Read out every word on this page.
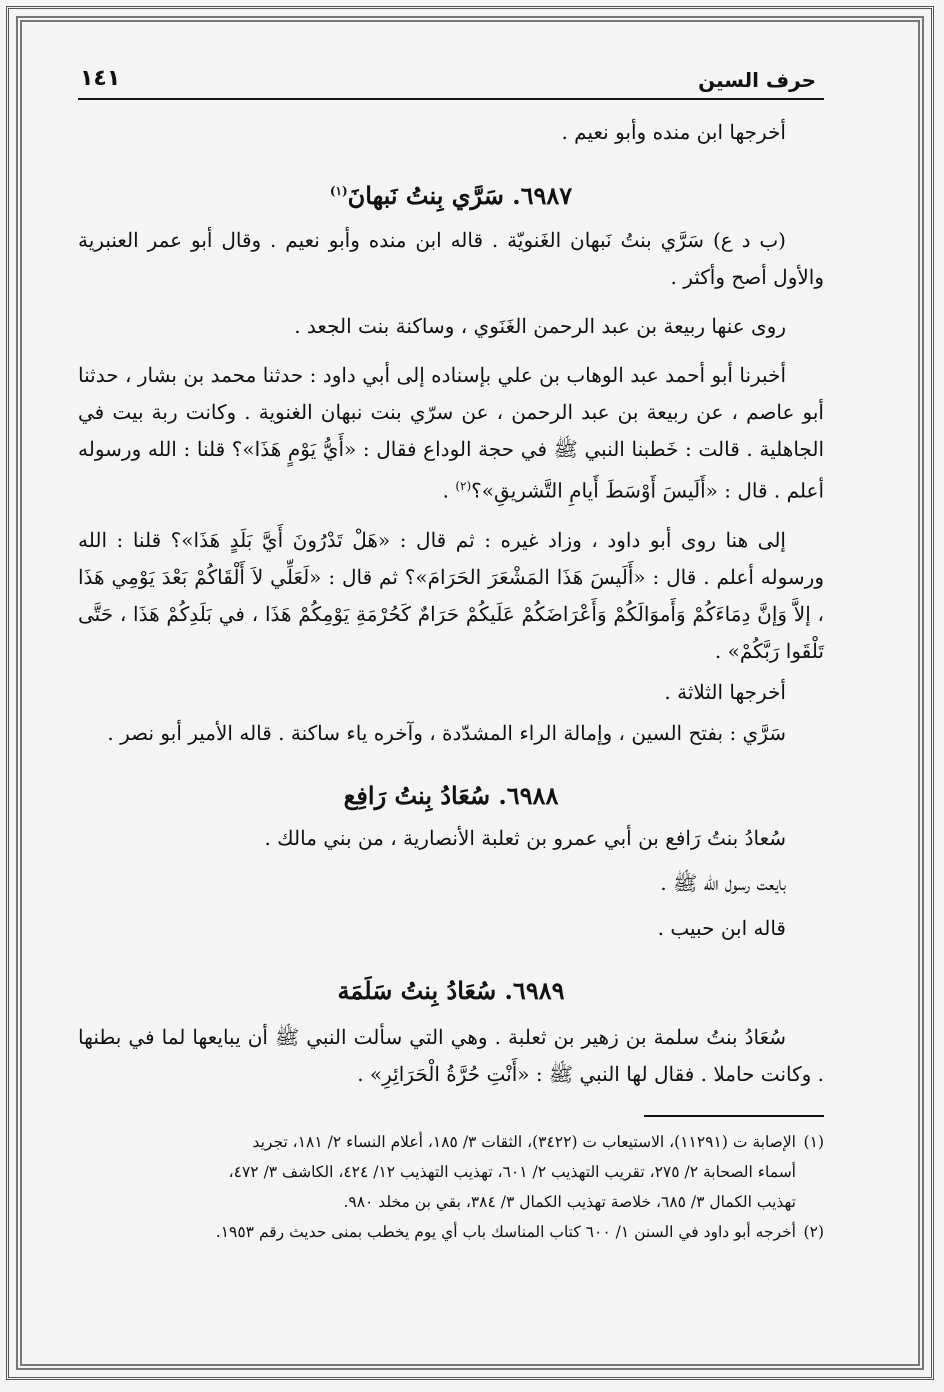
حرف السين
١٤١

أخرجها ابن منده وأبو نعيم .

٦٩٨٧. سَرَّي بِنتُ نَبهانَ$^{(١)}$

(ب د ع) سَرَّي بنتُ نَبهان الغَنويّة . قاله ابن منده وأبو نعيم . وقال أبو عمر العنبرية والأول أصح وأكثر .

روى عنها ربيعة بن عبد الرحمن الغَنَوي ، وساكنة بنت الجعد .

أخبرنا أبو أحمد عبد الوهاب بن علي بإسناده إلى أبي داود : حدثنا محمد بن بشار ، حدثنا أبو عاصم ، عن ربيعة بن عبد الرحمن ، عن سرّي بنت نبهان الغنوية . وكانت ربة بيت في الجاهلية . قالت : خَطبنا النبي ﷺ في حجة الوداع فقال : «أَيُّ يَوْمٍ هَذَا»؟ قلنا : الله ورسوله أعلم . قال : «أَلَيسَ أَوْسَطَ أَيامِ التَّشريقِ»؟$^{(٢)}$ .

إلى هنا روى أبو داود ، وزاد غيره : ثم قال : «هَلْ تَدْرُونَ أَيَّ بَلَدٍ هَذَا»؟ قلنا : الله ورسوله أعلم . قال : «أَلَيسَ هَذَا المَشْعَرَ الحَرَامَ»؟ ثم قال : «لَعَلِّي لاَ أَلْقَاكُمْ بَعْدَ يَوْمِي هَذَا ، إلاَّ وَإنَّ دِمَاءَكُمْ وَأَموَالَكُمْ وَأَعْرَاضَكُمْ عَلَيكُمْ حَرَامٌ كَحُرْمَةِ يَوْمِكُمْ هَذَا ، في بَلَدِكُمْ هَذَا ، حَتَّى تَلْقَوا رَبَّكُمْ» .

أخرجها الثلاثة .

سَرَّي : بفتح السين ، وإمالة الراء المشدّدة ، وآخره ياء ساكنة . قاله الأمير أبو نصر .

٦٩٨٨. سُعَادُ بِنتُ رَافِع

سُعادُ بنتُ رَافع بن أبي عمرو بن ثعلبة الأنصارية ، من بني مالك .

بايعت رسول الله ﷺ .

قاله ابن حبيب .

٦٩٨٩. سُعَادُ بِنتُ سَلَمَة

سُعَادُ بنتُ سلمة بن زهير بن ثعلبة . وهي التي سألت النبي ﷺ أن يبايعها لما في بطنها . وكانت حاملا . فقال لها النبي ﷺ : «أَنْتِ حُرَّةُ الْحَرَائِرِ» .

(١)الإصابة ت (١١٢٩١)، الاستيعاب ت (٣٤٢٢)، الثقات ٣/ ١٨٥، أعلام النساء ٢/ ١٨١، تجريد
أسماء الصحابة ٢/ ٢٧٥، تقريب التهذيب ٢/ ٦٠١، تهذيب التهذيب ١٢/ ٤٢٤، الكاشف ٣/ ٤٧٢،
تهذيب الكمال ٣/ ٦٨٥، خلاصة تهذيب الكمال ٣/ ٣٨٤، بقي بن مخلد ٩٨٠.
(٢)أخرجه أبو داود في السنن ١/ ٦٠٠ كتاب المناسك باب أي يوم يخطب بمنى حديث رقم ١٩٥٣.
